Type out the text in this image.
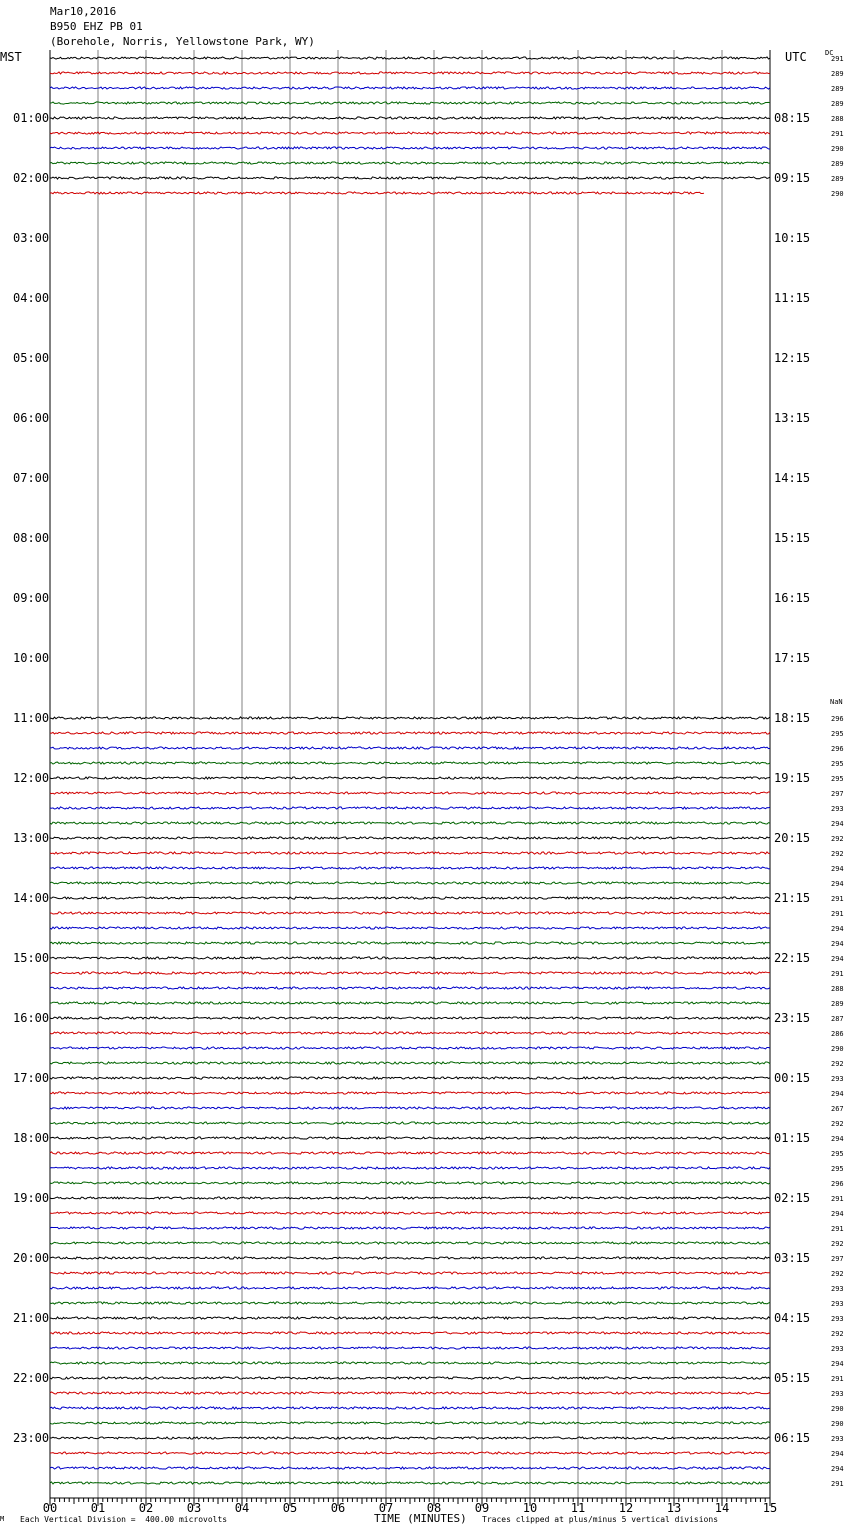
Mar10,2016
B950 EHZ PB 01
(Borehole, Norris, Yellowstone Park, WY)
MST	UTC	DC
NaN
291
289
289
289
288
291
290
289
289
290
296
295
296
295
295
297
293
294
292
292
294
294
291
291
294
294
294
291
288
289
287
286
290
292
293
294
267
292
294
295
295
296
291
294
291
292
297
292
293
293
293
292
293
294
291
293
290
290
293
294
294
291
01:00	08:15
02:00	09:15
03:00	10:15
04:00	11:15
05:00	12:15
06:00	13:15
07:00	14:15
08:00	15:15
09:00	16:15
10:00	17:15
11:00	18:15
12:00	19:15
13:00	20:15
14:00	21:15
15:00	22:15
16:00	23:15
17:00	00:15
18:00	01:15
19:00	02:15
20:00	03:15
21:00	04:15
22:00	05:15
23:00	06:15
00	01	02	03	04	05	06	07	08	09	10	11	12	13	14	15
M Each Vertical Division =  400.00 microvolts	TIME (MINUTES) Traces clipped at plus/minus 5 vertical divisions
